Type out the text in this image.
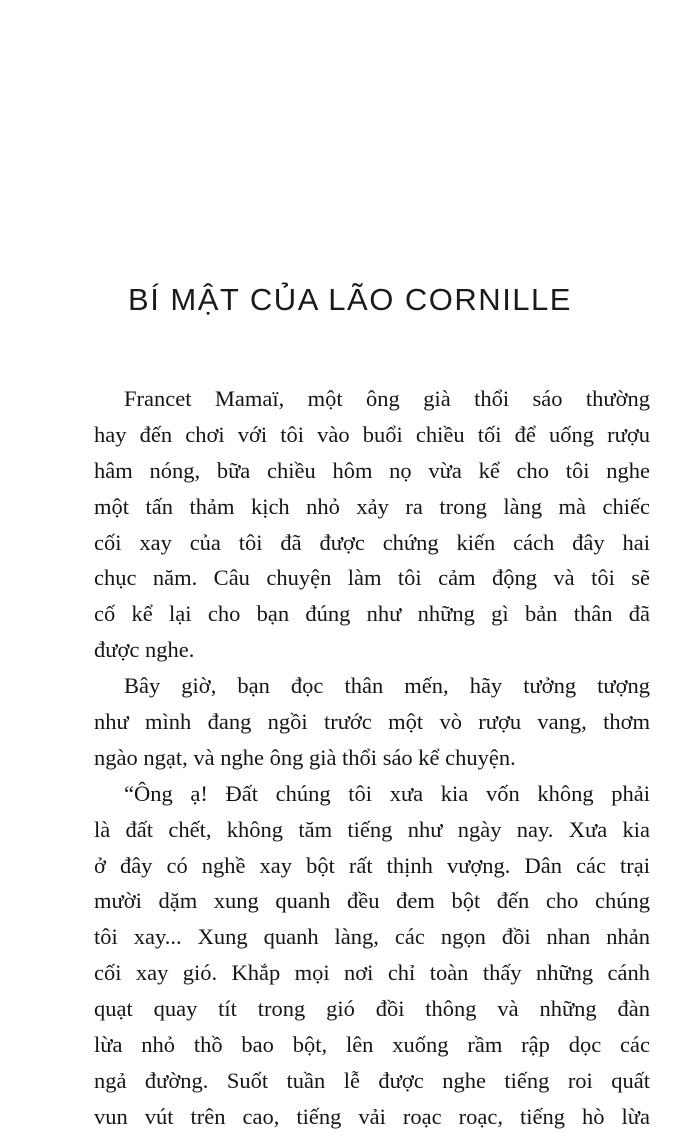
BÍ MẬT CỦA LÃO CORNILLE
Francet Mamaï, một ông già thổi sáo thường
hay đến chơi với tôi vào buổi chiều tối để uống rượu
hâm nóng, bữa chiều hôm nọ vừa kể cho tôi nghe
một tấn thảm kịch nhỏ xảy ra trong làng mà chiếc
cối xay của tôi đã được chứng kiến cách đây hai
chục năm. Câu chuyện làm tôi cảm động và tôi sẽ
cố kể lại cho bạn đúng như những gì bản thân đã
được nghe.
Bây giờ, bạn đọc thân mến, hãy tưởng tượng
như mình đang ngồi trước một vò rượu vang, thơm
ngào ngạt, và nghe ông già thổi sáo kể chuyện.
“Ông ạ! Đất chúng tôi xưa kia vốn không phải
là đất chết, không tăm tiếng như ngày nay. Xưa kia
ở đây có nghề xay bột rất thịnh vượng. Dân các trại
mười dặm xung quanh đều đem bột đến cho chúng
tôi xay... Xung quanh làng, các ngọn đồi nhan nhản
cối xay gió. Khắp mọi nơi chỉ toàn thấy những cánh
quạt quay tít trong gió đồi thông và những đàn
lừa nhỏ thồ bao bột, lên xuống rầm rập dọc các
ngả đường. Suốt tuần lễ được nghe tiếng roi quất
vun vút trên cao, tiếng vải roạc roạc, tiếng hò lừa
